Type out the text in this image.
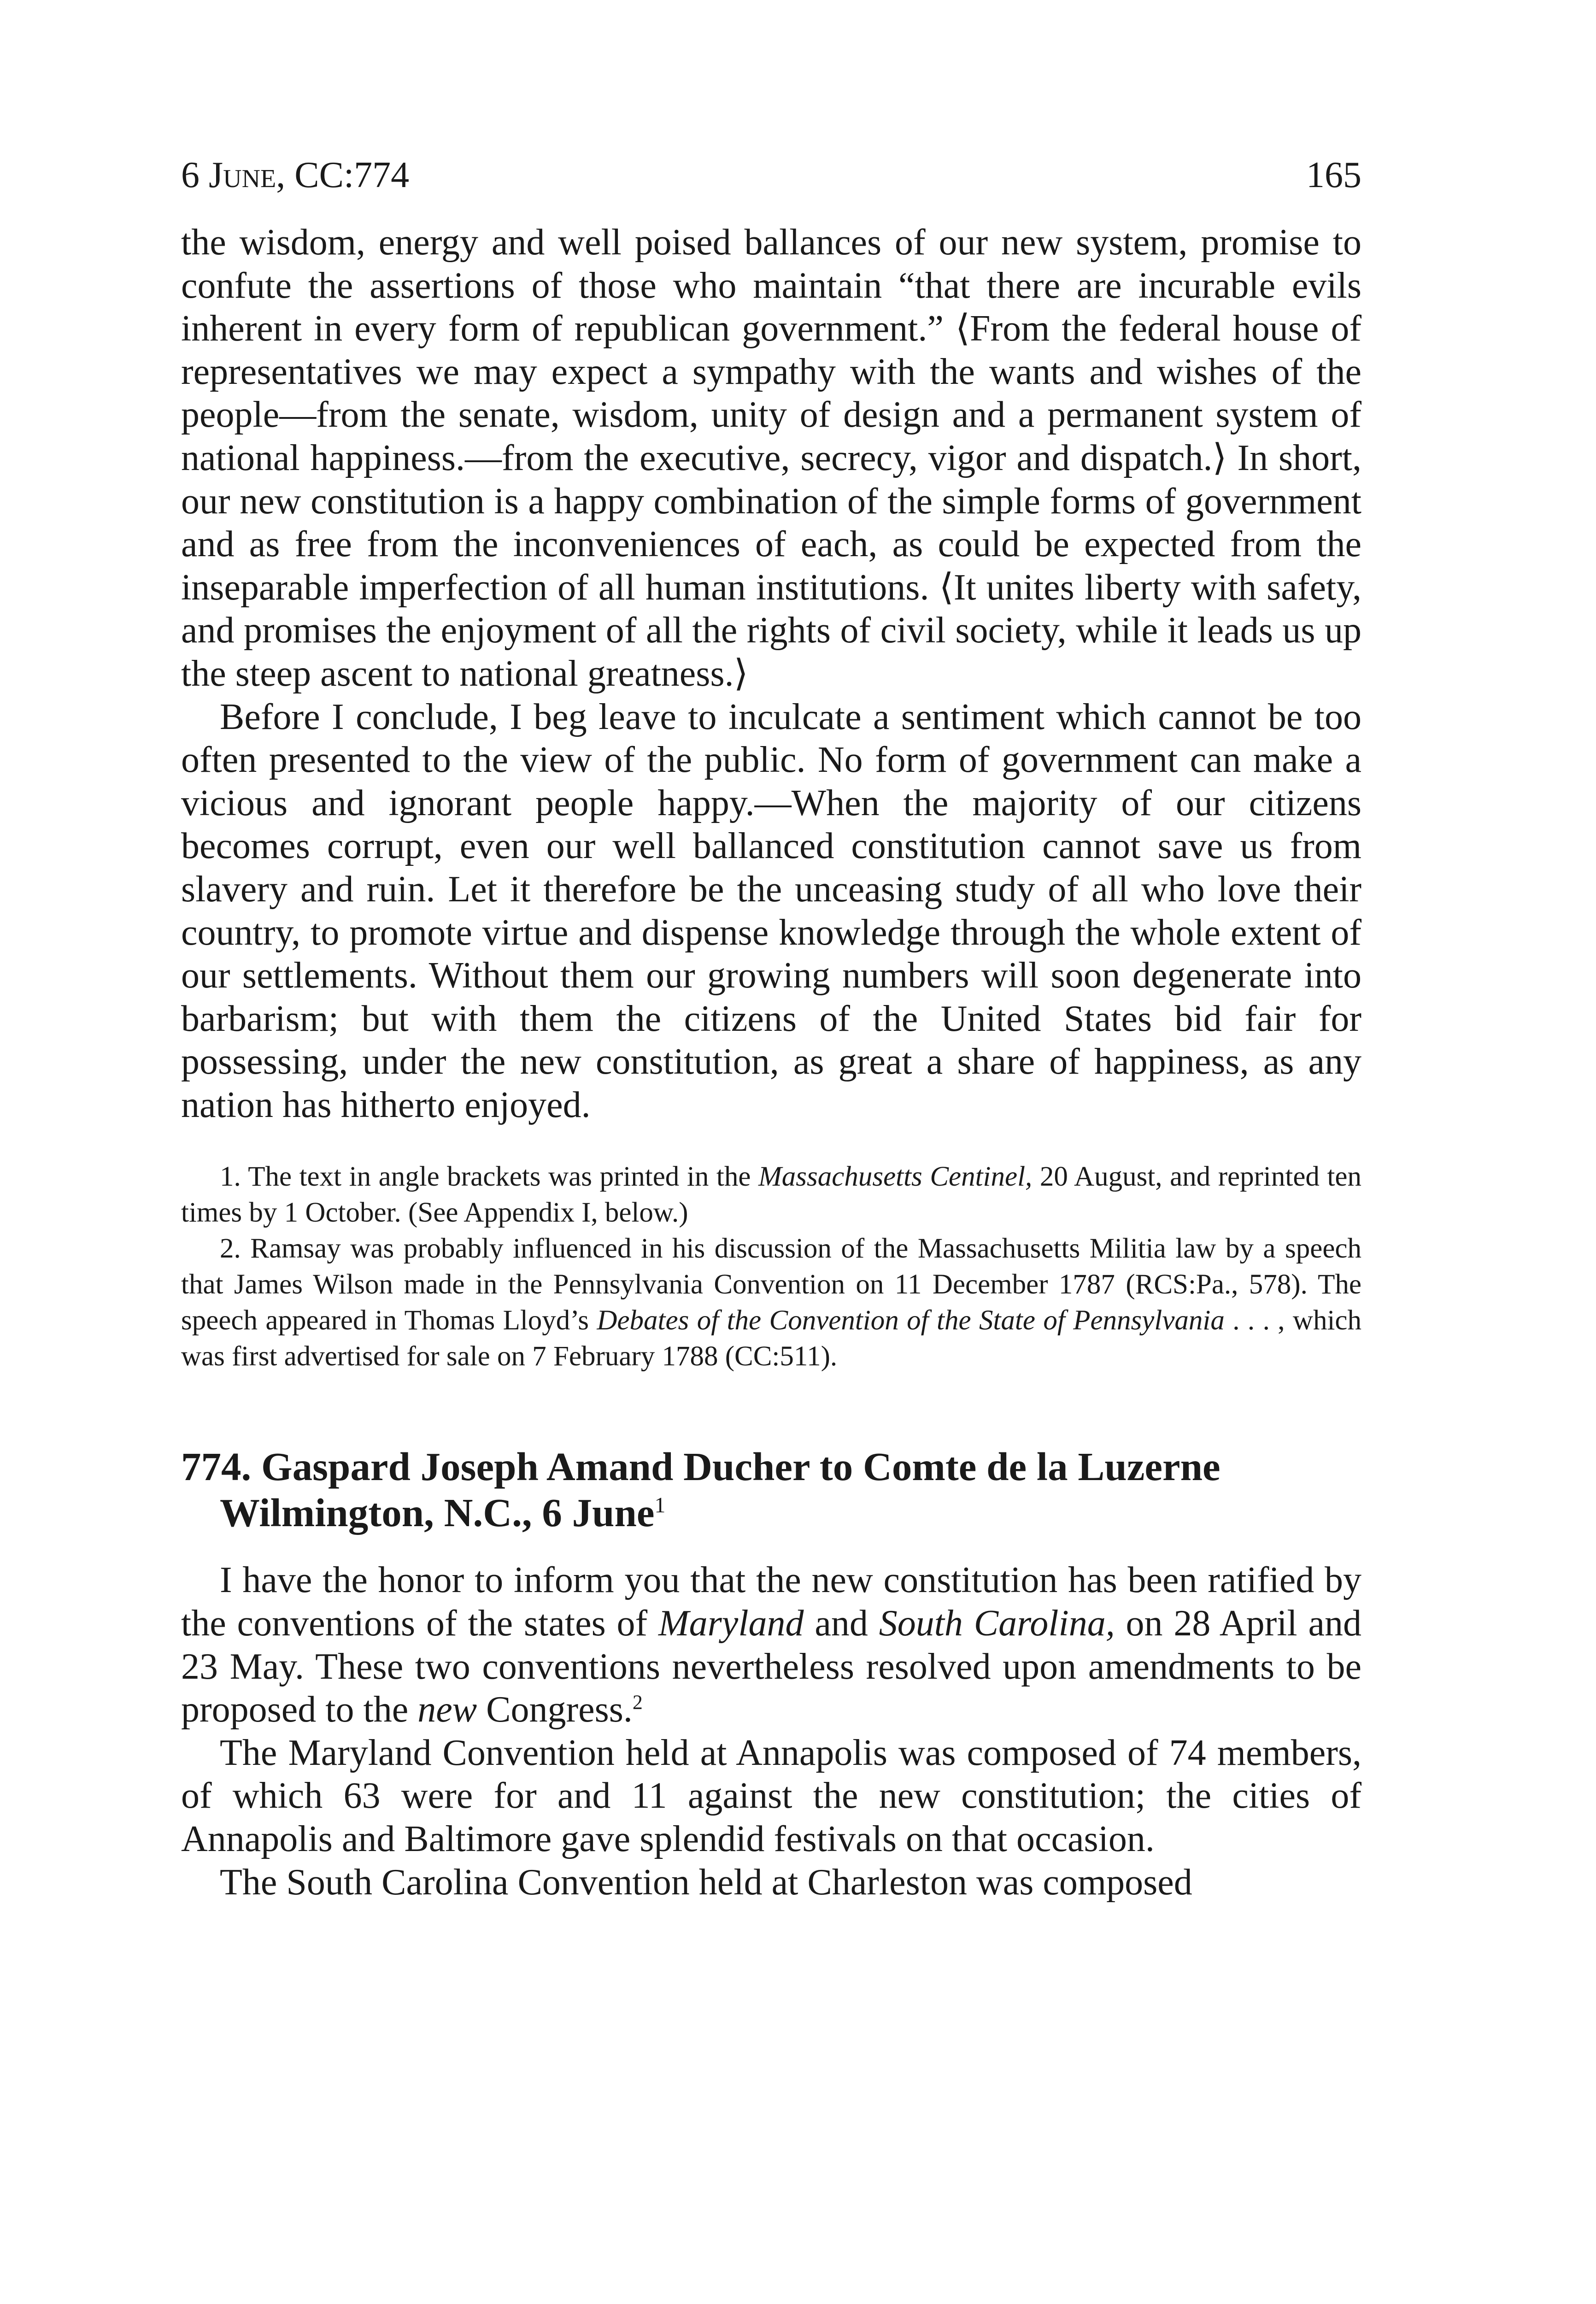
6 June, CC:774	165

the wisdom, energy and well poised ballances of our new system, promise to confute the assertions of those who maintain “that there are incurable evils inherent in every form of republican government.” ⟨From the federal house of representatives we may expect a sympathy with the wants and wishes of the people—from the senate, wisdom, unity of design and a permanent system of national happiness.—from the executive, secrecy, vigor and dispatch.⟩ In short, our new constitution is a happy combination of the simple forms of government and as free from the inconveniences of each, as could be expected from the inseparable imperfection of all human institutions. ⟨It unites liberty with safety, and promises the enjoyment of all the rights of civil society, while it leads us up the steep ascent to national greatness.⟩

Before I conclude, I beg leave to inculcate a sentiment which cannot be too often presented to the view of the public. No form of government can make a vicious and ignorant people happy.—When the majority of our citizens becomes corrupt, even our well ballanced constitution cannot save us from slavery and ruin. Let it therefore be the unceasing study of all who love their country, to promote virtue and dispense knowledge through the whole extent of our settlements. Without them our growing numbers will soon degenerate into barbarism; but with them the citizens of the United States bid fair for possessing, under the new constitution, as great a share of happiness, as any nation has hitherto enjoyed.

1. The text in angle brackets was printed in the Massachusetts Centinel, 20 August, and reprinted ten times by 1 October. (See Appendix I, below.)

2. Ramsay was probably influenced in his discussion of the Massachusetts Militia law by a speech that James Wilson made in the Pennsylvania Convention on 11 December 1787 (RCS:Pa., 578). The speech appeared in Thomas Lloyd’s Debates of the Convention of the State of Pennsylvania . . . , which was first advertised for sale on 7 February 1788 (CC:511).

774. Gaspard Joseph Amand Ducher to Comte de la Luzerne
Wilmington, N.C., 6 June$^1$

I have the honor to inform you that the new constitution has been ratified by the conventions of the states of Maryland and South Carolina, on 28 April and 23 May. These two conventions nevertheless resolved upon amendments to be proposed to the new Congress.$^2$

The Maryland Convention held at Annapolis was composed of 74 members, of which 63 were for and 11 against the new constitution; the cities of Annapolis and Baltimore gave splendid festivals on that occasion.

The South Carolina Convention held at Charleston was composed
